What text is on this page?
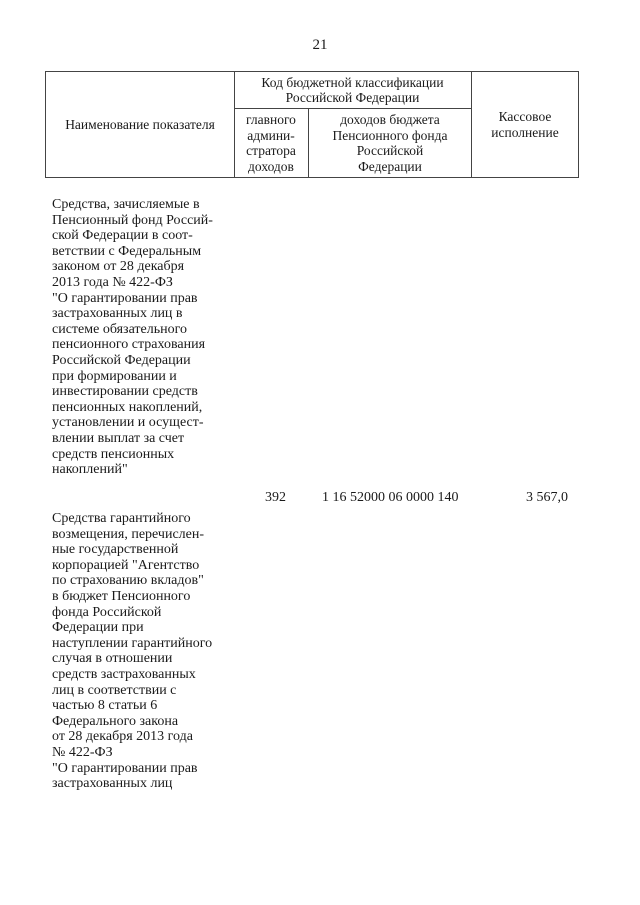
21
Наименование показателя
Код бюджетной классификации
Российской Федерации
главного
админи-
стратора
доходов
доходов бюджета
Пенсионного фонда
Российской
Федерации
Кассовое
исполнение
Средства, зачисляемые в
Пенсионный фонд Россий-
ской Федерации в соот-
ветствии с Федеральным
законом от 28 декабря
2013 года № 422-ФЗ
"О гарантировании прав
застрахованных лиц в
системе обязательного
пенсионного страхования
Российской Федерации
при формировании и
инвестировании средств
пенсионных накоплений,
установлении и осущест-
влении выплат за счет
средств пенсионных
накоплений"
392	1 16 52000 06 0000 140	3 567,0
Средства гарантийного
возмещения, перечислен-
ные государственной
корпорацией "Агентство
по страхованию вкладов"
в бюджет Пенсионного
фонда Российской
Федерации при
наступлении гарантийного
случая в отношении
средств застрахованных
лиц в соответствии с
частью 8 статьи 6
Федерального закона
от 28 декабря 2013 года
№ 422-ФЗ
"О гарантировании прав
застрахованных лиц
